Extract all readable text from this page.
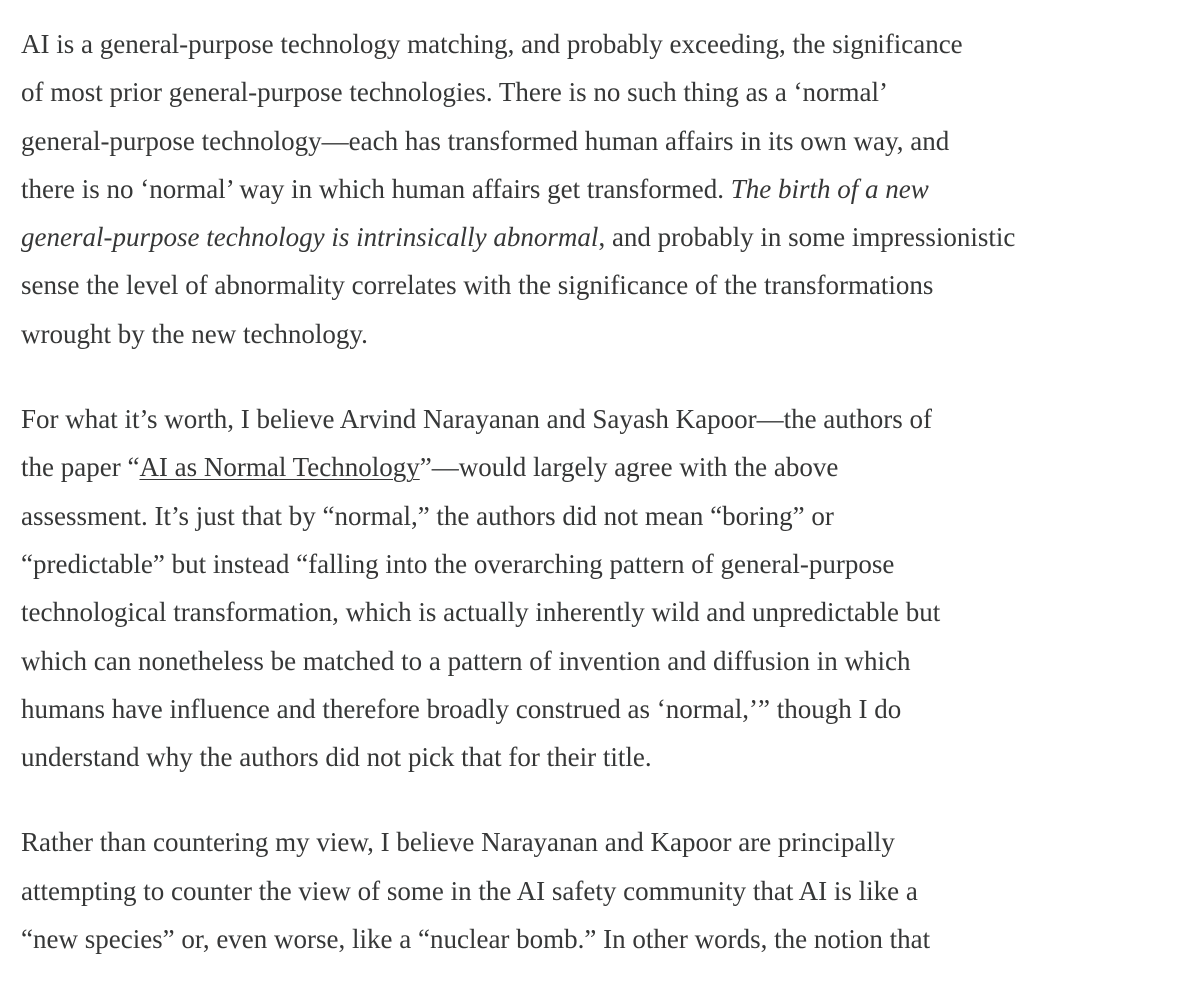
AI is a general-purpose technology matching, and probably exceeding, the significance
of most prior general-purpose technologies. There is no such thing as a ‘normal’
general-purpose technology—each has transformed human affairs in its own way, and
there is no ‘normal’ way in which human affairs get transformed. The birth of a new
general-purpose technology is intrinsically abnormal, and probably in some impressionistic
sense the level of abnormality correlates with the significance of the transformations
wrought by the new technology.

For what it’s worth, I believe Arvind Narayanan and Sayash Kapoor—the authors of
the paper “AI as Normal Technology”—would largely agree with the above
assessment. It’s just that by “normal,” the authors did not mean “boring” or
“predictable” but instead “falling into the overarching pattern of general-purpose
technological transformation, which is actually inherently wild and unpredictable but
which can nonetheless be matched to a pattern of invention and diffusion in which
humans have influence and therefore broadly construed as ‘normal,’” though I do
understand why the authors did not pick that for their title.

Rather than countering my view, I believe Narayanan and Kapoor are principally
attempting to counter the view of some in the AI safety community that AI is like a
“new species” or, even worse, like a “nuclear bomb.” In other words, the notion that
